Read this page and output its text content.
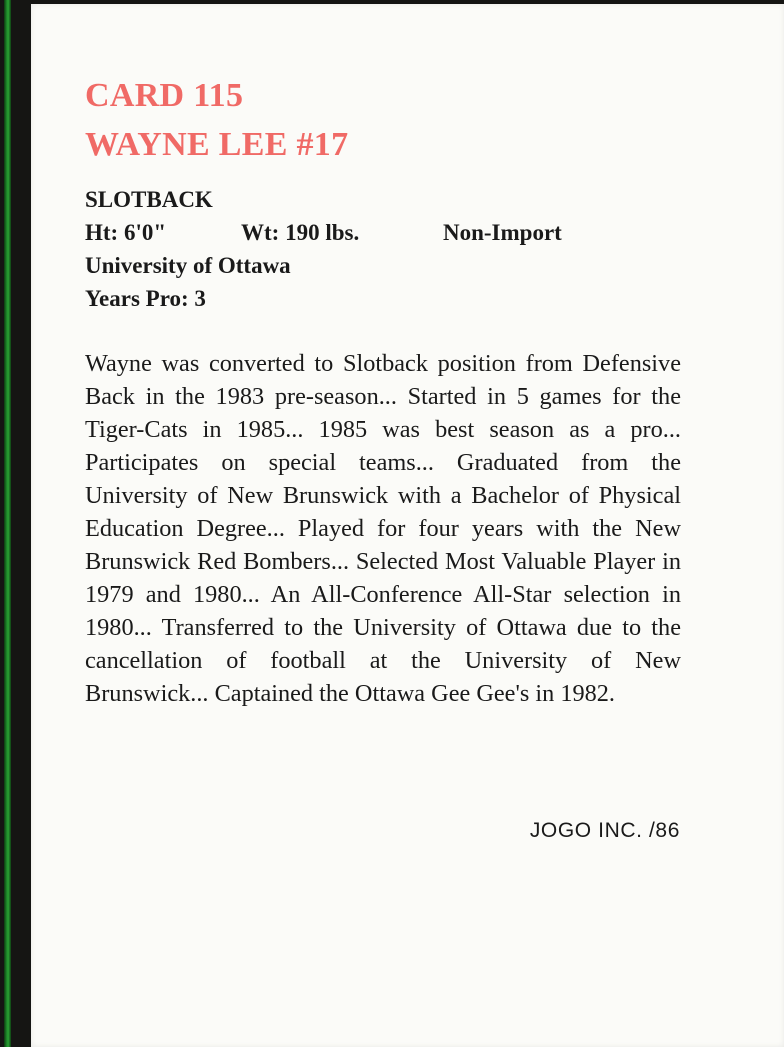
CARD 115
WAYNE LEE #17
SLOTBACK
Ht: 6'0"	Wt: 190 lbs.	Non-Import
University of Ottawa
Years Pro: 3

Wayne was converted to Slotback position from Defensive Back in the 1983 pre-season... Started in 5 games for the Tiger-Cats in 1985... 1985 was best season as a pro... Participates on special teams... Graduated from the University of New Brunswick with a Bachelor of Physical Education Degree... Played for four years with the New Brunswick Red Bombers... Selected Most Valuable Player in 1979 and 1980... An All-Conference All-Star selection in 1980... Transferred to the University of Ottawa due to the cancellation of football at the University of New Brunswick... Captained the Ottawa Gee Gee's in 1982.

JOGO INC. /86
